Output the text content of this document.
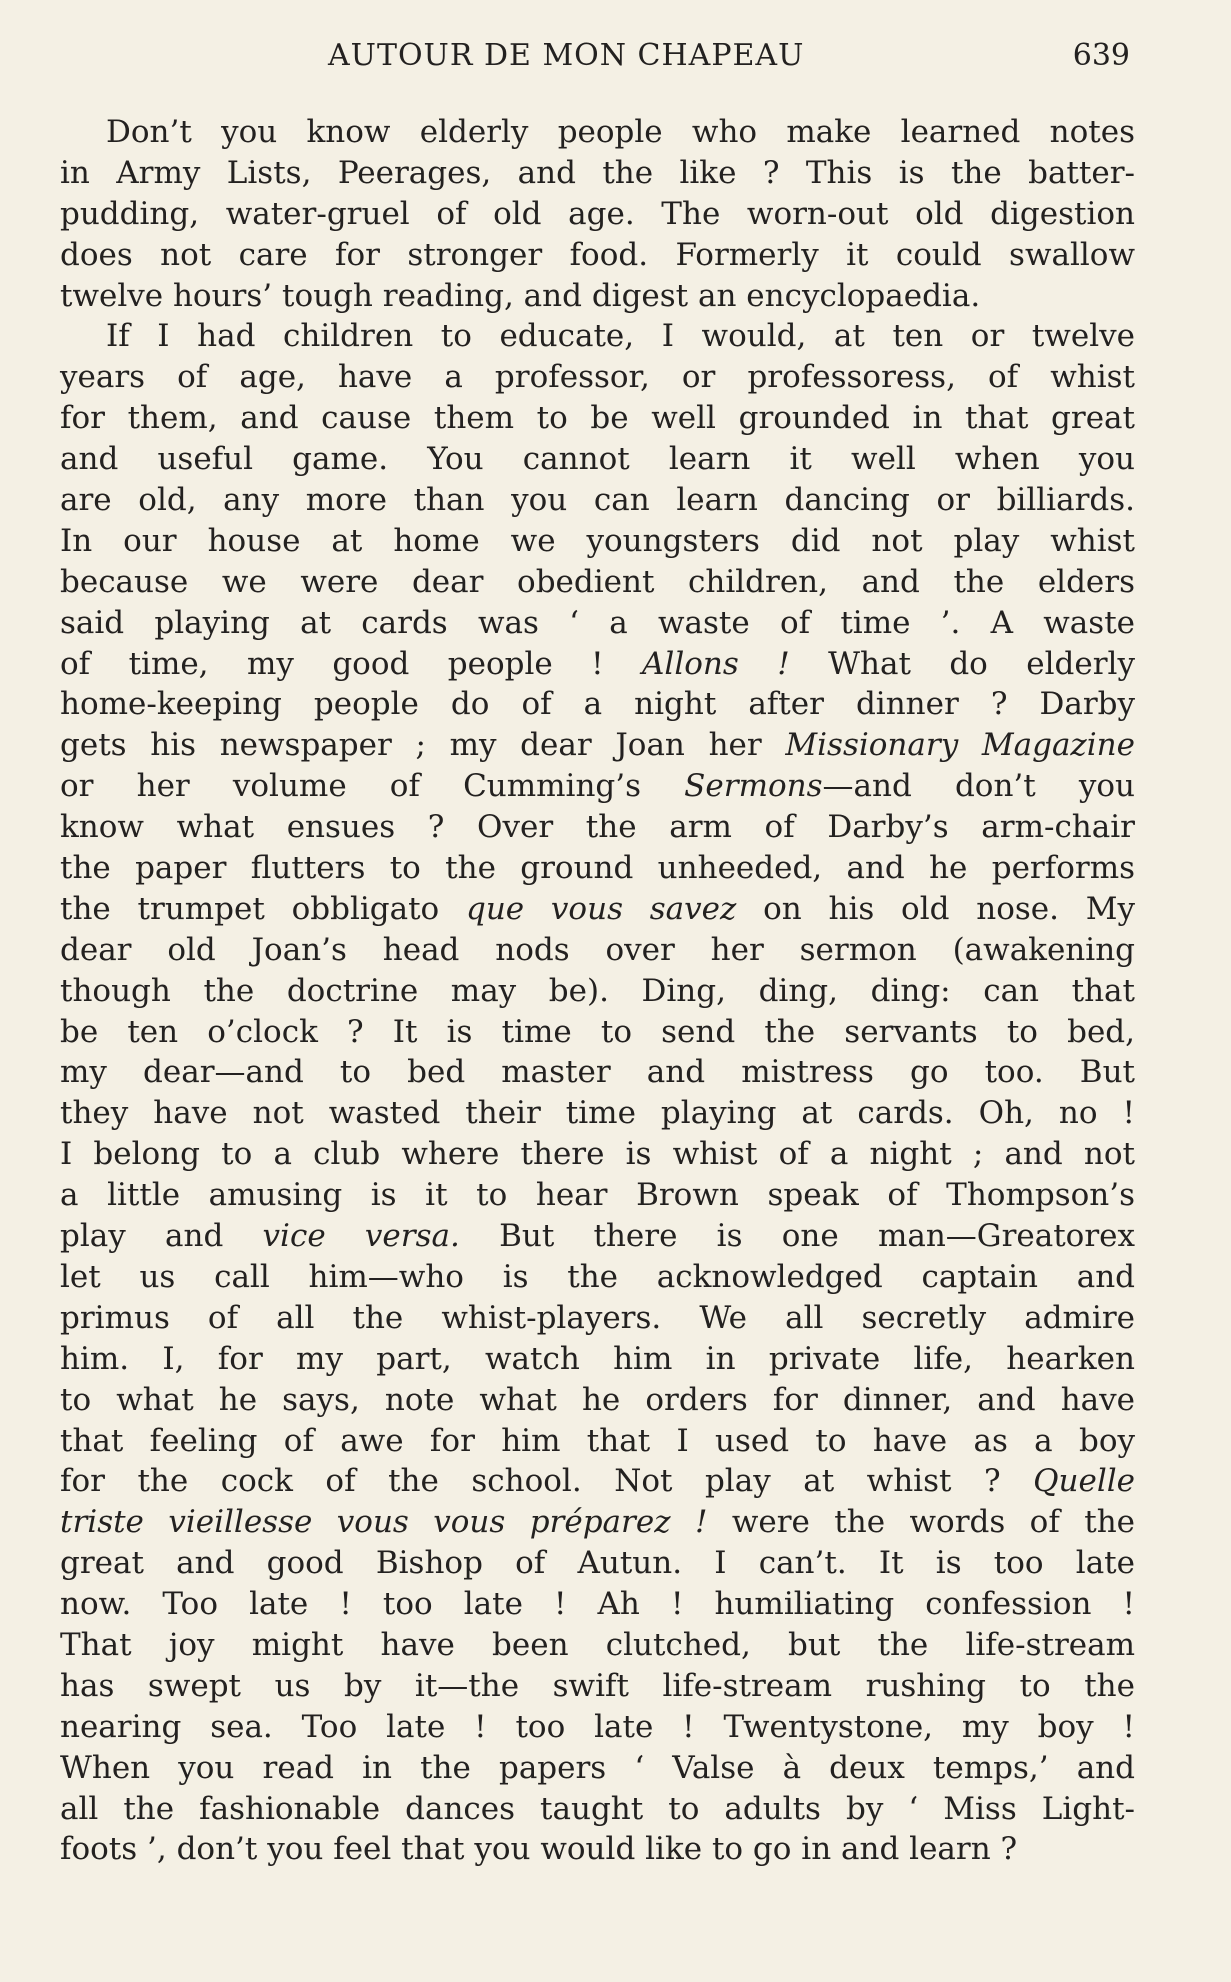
AUTOUR DE MON CHAPEAU	639
Don’t you know elderly people who make learned notes
in Army Lists, Peerages, and the like ? This is the batter-
pudding, water-gruel of old age. The worn-out old digestion
does not care for stronger food. Formerly it could swallow
twelve hours’ tough reading, and digest an encyclopaedia.
If I had children to educate, I would, at ten or twelve
years of age, have a professor, or professoress, of whist
for them, and cause them to be well grounded in that great
and useful game. You cannot learn it well when you
are old, any more than you can learn dancing or billiards.
In our house at home we youngsters did not play whist
because we were dear obedient children, and the elders
said playing at cards was ‘ a waste of time ’. A waste
of time, my good people ! Allons ! What do elderly
home-keeping people do of a night after dinner ? Darby
gets his newspaper ; my dear Joan her Missionary Magazine
or her volume of Cumming’s Sermons—and don’t you
know what ensues ? Over the arm of Darby’s arm-chair
the paper flutters to the ground unheeded, and he performs
the trumpet obbligato que vous savez on his old nose. My
dear old Joan’s head nods over her sermon (awakening
though the doctrine may be). Ding, ding, ding: can that
be ten o’clock ? It is time to send the servants to bed,
my dear—and to bed master and mistress go too. But
they have not wasted their time playing at cards. Oh, no !
I belong to a club where there is whist of a night ; and not
a little amusing is it to hear Brown speak of Thompson’s
play and vice versa. But there is one man—Greatorex
let us call him—who is the acknowledged captain and
primus of all the whist-players. We all secretly admire
him. I, for my part, watch him in private life, hearken
to what he says, note what he orders for dinner, and have
that feeling of awe for him that I used to have as a boy
for the cock of the school. Not play at whist ? Quelle
triste vieillesse vous vous préparez ! were the words of the
great and good Bishop of Autun. I can’t. It is too late
now. Too late ! too late ! Ah ! humiliating confession !
That joy might have been clutched, but the life-stream
has swept us by it—the swift life-stream rushing to the
nearing sea. Too late ! too late ! Twentystone, my boy !
When you read in the papers ‘ Valse à deux temps,’ and
all the fashionable dances taught to adults by ‘ Miss Light-
foots ’, don’t you feel that you would like to go in and learn ?
